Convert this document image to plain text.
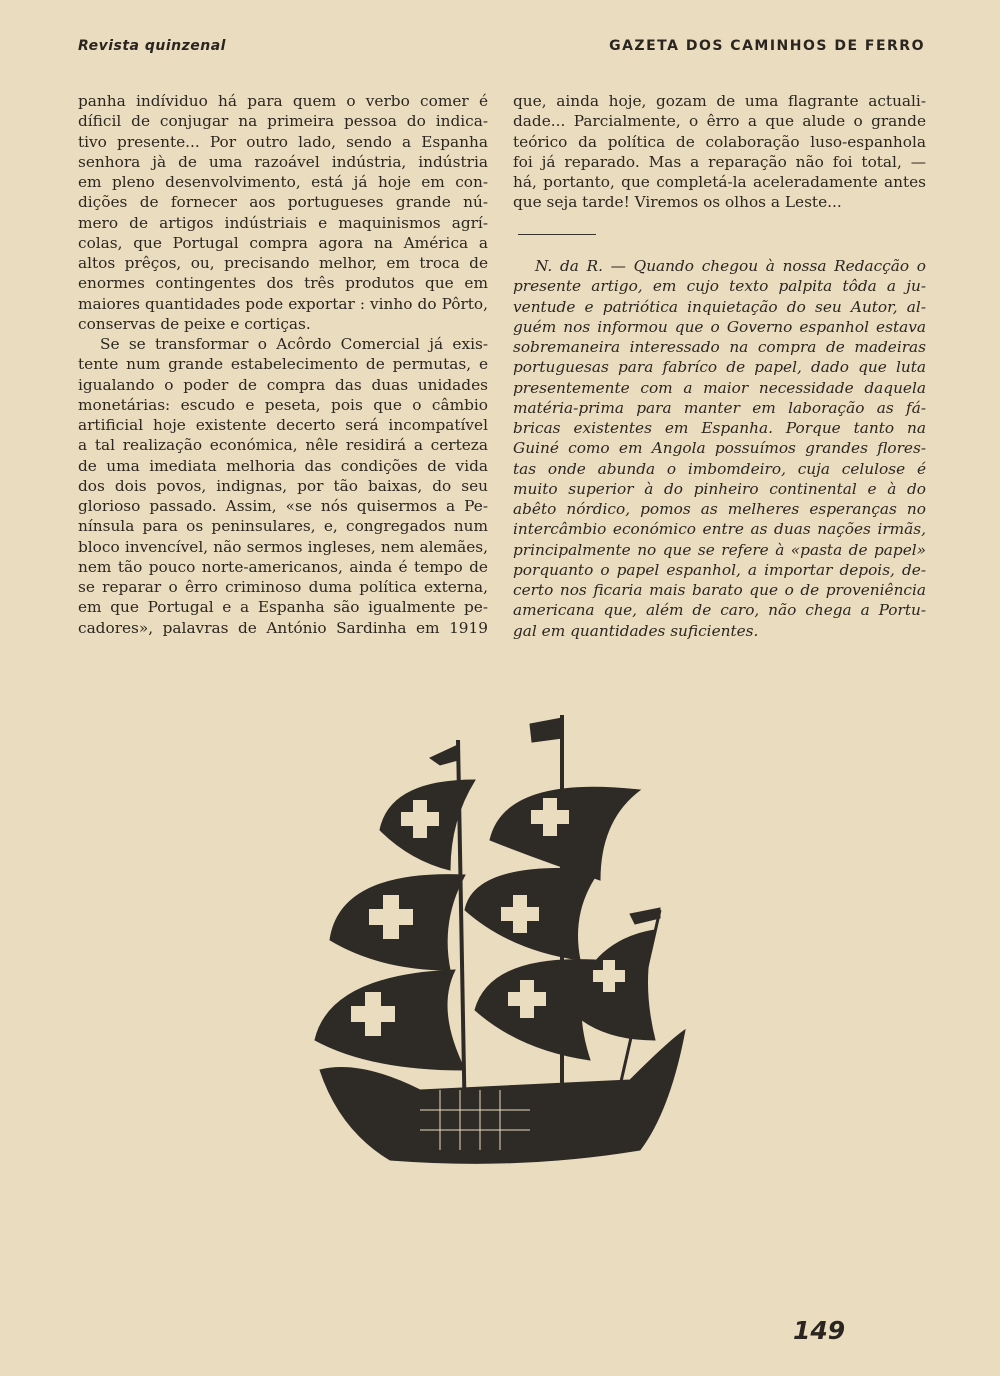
Revista quinzenal	GAZETA DOS CAMINHOS DE FERRO
panha indíviduo há para quem o verbo comer é
díficil de conjugar na primeira pessoa do indica-
tivo presente... Por outro lado, sendo a Espanha
senhora jà de uma razoável indústria, indústria
em pleno desenvolvimento, está já hoje em con-
dições de fornecer aos portugueses grande nú-
mero de artigos indústriais e maquinismos agrí-
colas, que Portugal compra agora na América a
altos prêços, ou, precisando melhor, em troca de
enormes contingentes dos três produtos que em
maiores quantidades pode exportar : vinho do Pôrto,
conservas de peixe e cortiças.
Se se transformar o Acôrdo Comercial já exis-
tente num grande estabelecimento de permutas, e
igualando o poder de compra das duas unidades
monetárias: escudo e peseta, pois que o câmbio
artificial hoje existente decerto será incompatível
a tal realização económica, nêle residirá a certeza
de uma imediata melhoria das condições de vida
dos dois povos, indignas, por tão baixas, do seu
glorioso passado. Assim, «se nós quisermos a Pe-
nínsula para os peninsulares, e, congregados num
bloco invencível, não sermos ingleses, nem alemães,
nem tão pouco norte-americanos, ainda é tempo de
se reparar o êrro criminoso duma política externa,
em que Portugal e a Espanha são igualmente pe-
cadores», palavras de António Sardinha em 1919
que, ainda hoje, gozam de uma flagrante actuali-
dade... Parcialmente, o êrro a que alude o grande
teórico da política de colaboração luso-espanhola
foi já reparado. Mas a reparação não foi total, —
há, portanto, que completá-la aceleradamente antes
que seja tarde! Viremos os olhos a Leste...
N. da R. — Quando chegou à nossa Redacção o
presente artigo, em cujo texto palpita tôda a ju-
ventude e patriótica inquietação do seu Autor, al-
guém nos informou que o Governo espanhol estava
sobremaneira interessado na compra de madeiras
portuguesas para fabríco de papel, dado que luta
presentemente com a maior necessidade daquela
matéria-prima para manter em laboração as fá-
bricas existentes em Espanha. Porque tanto na
Guiné como em Angola possuímos grandes flores-
tas onde abunda o imbomdeiro, cuja celulose é
muito superior à do pinheiro continental e à do
abêto nórdico, pomos as melheres esperanças no
intercâmbio económico entre as duas nações irmãs,
principalmente no que se refere à «pasta de papel»
porquanto o papel espanhol, a importar depois, de-
certo nos ficaria mais barato que o de proveniência
americana que, além de caro, não chega a Portu-
gal em quantidades suficientes.
149
